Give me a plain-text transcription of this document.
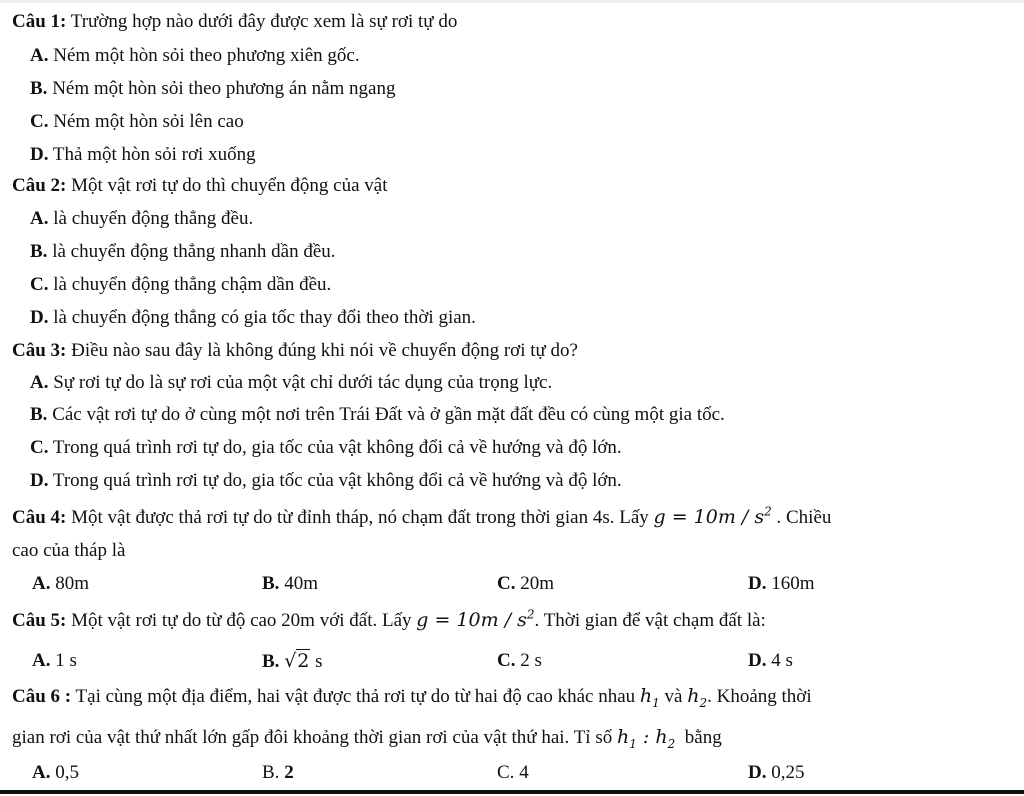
Câu 1: Trường hợp nào dưới đây được xem là sự rơi tự do
A. Ném một hòn sỏi theo phương xiên gốc.
B. Ném một hòn sỏi theo phương án nằm ngang
C. Ném một hòn sỏi lên cao
D. Thả một hòn sỏi rơi xuống
Câu 2: Một vật rơi tự do thì chuyển động của vật
A. là chuyển động thẳng đều.
B. là chuyển động thẳng nhanh dần đều.
C. là chuyển động thẳng chậm dần đều.
D. là chuyển động thẳng có gia tốc thay đổi theo thời gian.
Câu 3: Điều nào sau đây là không đúng khi nói về chuyển động rơi tự do?
A. Sự rơi tự do là sự rơi của một vật chỉ dưới tác dụng của trọng lực.
B. Các vật rơi tự do ở cùng một nơi trên Trái Đất và ở gần mặt đất đều có cùng một gia tốc.
C. Trong quá trình rơi tự do, gia tốc của vật không đổi cả về hướng và độ lớn.
D. Trong quá trình rơi tự do, gia tốc của vật không đổi cả về hướng và độ lớn.
Câu 4: Một vật được thả rơi tự do từ đỉnh tháp, nó chạm đất trong thời gian 4s. Lấy $g = 10m / s^2$ . Chiều
cao của tháp là
A. 80m	B. 40m	C. 20m	D. 160m
Câu 5: Một vật rơi tự do từ độ cao 20m với đất. Lấy $g = 10m / s^2$. Thời gian để vật chạm đất là:
A. 1 s	B. √2 s	C. 2 s	D. 4 s
Câu 6 : Tại cùng một địa điểm, hai vật được thả rơi tự do từ hai độ cao khác nhau $h_1$ và $h_2$. Khoảng thời
gian rơi của vật thứ nhất lớn gấp đôi khoảng thời gian rơi của vật thứ hai. Tỉ số $h_1$ : $h_2$ bằng
A. 0,5	B. 2	C. 4	D. 0,25
